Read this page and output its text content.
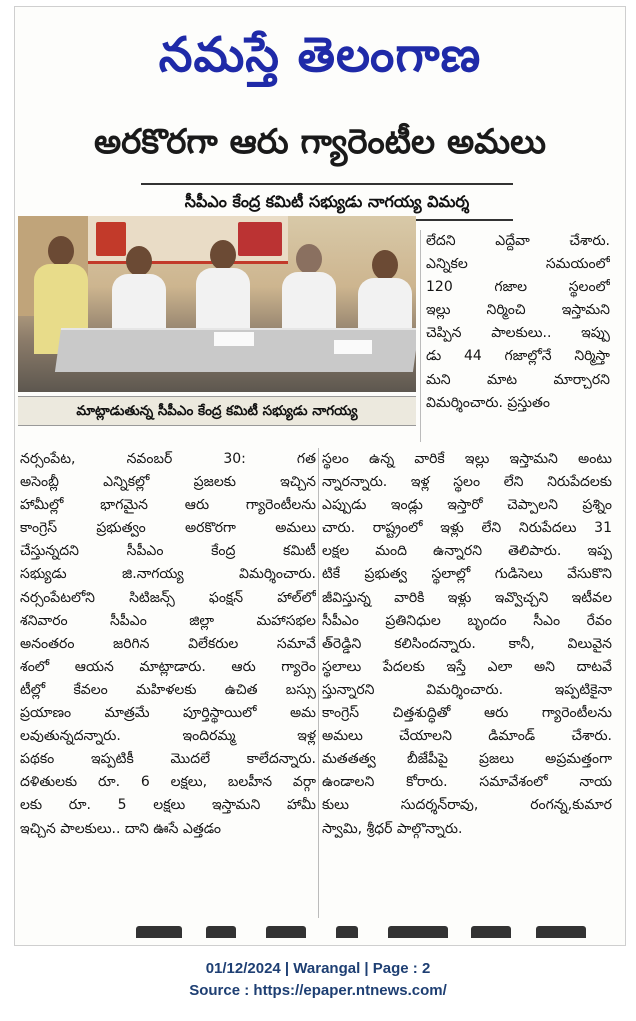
నమస్తే తెలంగాణ
అరకొరగా ఆరు గ్యారెంటీల అమలు
సీపీఎం కేంద్ర కమిటీ సభ్యుడు నాగయ్య విమర్శ
మాట్లాడుతున్న సీపీఎం కేంద్ర కమిటీ సభ్యుడు నాగయ్య

లేదని ఎద్దేవా చేశారు.

ఎన్నికల సమయంలో

120 గజాల స్థలంలో

ఇల్లు నిర్మించి ఇస్తామని

చెప్పిన పాలకులు.. ఇప్పు

డు 44 గజాల్లోనే నిర్మిస్తా

మని మాట మార్చారని

విమర్శించారు. ప్రస్తుతం

నర్సంపేట, నవంబర్ 30: గత

అసెంబ్లీ ఎన్నికల్లో ప్రజలకు ఇచ్చిన

హామీల్లో భాగమైన ఆరు గ్యారెంటీలను

కాంగ్రెస్ ప్రభుత్వం అరకొరగా అమలు

చేస్తున్నదని సీపీఎం కేంద్ర కమిటీ

సభ్యుడు జి.నాగయ్య విమర్శించారు.

నర్సంపేటలోని సిటిజన్స్ ఫంక్షన్ హాల్‌లో

శనివారం సీపీఎం జిల్లా మహాసభల

అనంతరం జరిగిన విలేకరుల సమావే

శంలో ఆయన మాట్లాడారు. ఆరు గ్యారెం

టీల్లో కేవలం మహిళలకు ఉచిత బస్సు

ప్రయాణం మాత్రమే పూర్తిస్థాయిలో అమ

లవుతున్నదన్నారు. ఇందిరమ్మ ఇళ్ల

పథకం ఇప్పటికీ మొదలే కాలేదన్నారు.

దళితులకు రూ. 6 లక్షలు, బలహీన వర్గా

లకు రూ. 5 లక్షలు ఇస్తామని హామీ

ఇచ్చిన పాలకులు.. దాని ఊసే ఎత్తడం

స్థలం ఉన్న వారికే ఇల్లు ఇస్తామని అంటు

న్నారన్నారు. ఇళ్ల స్థలం లేని నిరుపేదలకు

ఎప్పుడు ఇండ్లు ఇస్తారో చెప్పాలని ప్రశ్నిం

చారు. రాష్ట్రంలో ఇళ్లు లేని నిరుపేదలు 31

లక్షల మంది ఉన్నారని తెలిపారు. ఇప్ప

టికే ప్రభుత్వ స్థలాల్లో గుడిసెలు వేసుకొని

జీవిస్తున్న వారికి ఇళ్లు ఇవ్వొచ్చని ఇటీవల

సీపీఎం ప్రతినిధుల బృందం సీఎం రేవం

త్‌రెడ్డిని కలిసిందన్నారు. కానీ, విలువైన

స్థలాలు పేదలకు ఇస్తే ఎలా అని దాటవే

స్తున్నారని విమర్శించారు. ఇప్పటికైనా

కాంగ్రెస్ చిత్తశుద్ధితో ఆరు గ్యారెంటీలను

అమలు చేయాలని డిమాండ్ చేశారు.

మతతత్వ బీజేపీపై ప్రజలు అప్రమత్తంగా

ఉండాలని కోరారు. సమావేశంలో నాయ

కులు సుదర్శన్‌రావు, రంగన్న,కుమార

స్వామి, శ్రీధర్ పాల్గొన్నారు.

01/12/2024 | Warangal | Page : 2
Source : https://epaper.ntnews.com/
